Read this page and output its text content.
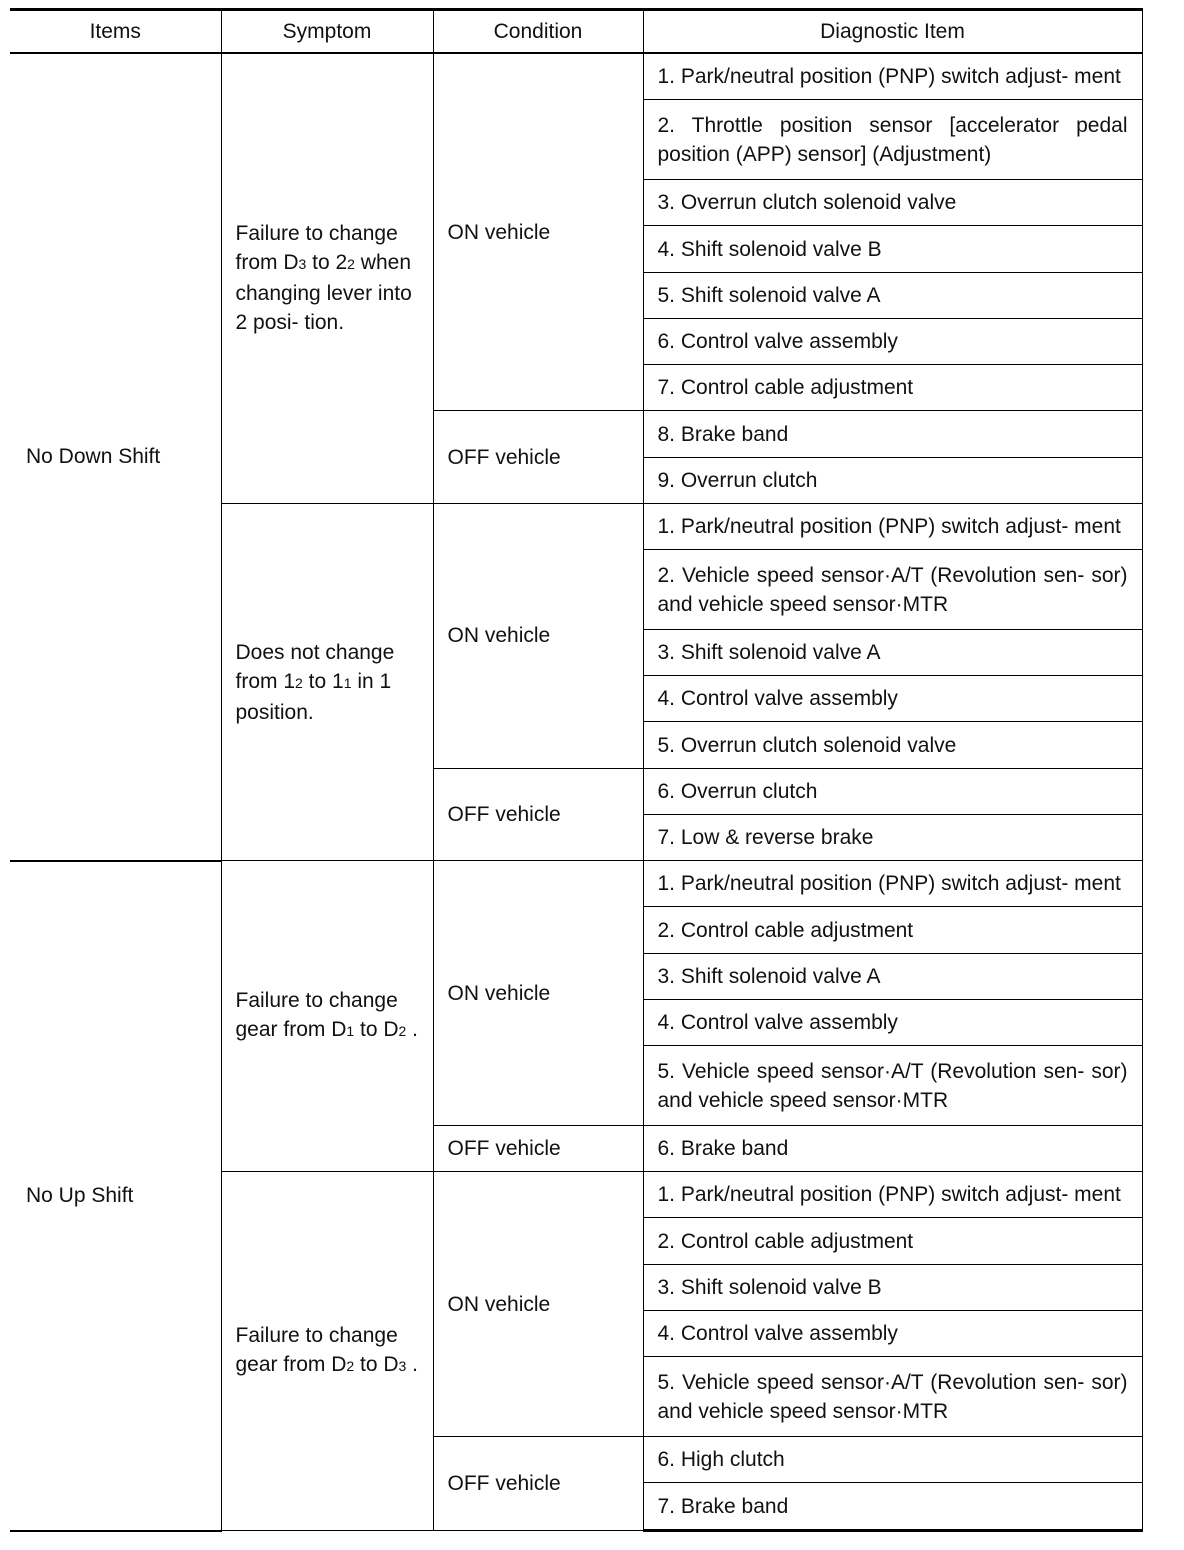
Items	Symptom	Condition	Diagnostic Item
No Down Shift	Failure to change from D3 to 22 when changing lever into 2 posi- tion.	ON vehicle	1. Park/neutral position (PNP) switch adjust- ment
			2. Throttle position sensor [accelerator pedal position (APP) sensor] (Adjustment)
			3. Overrun clutch solenoid valve
			4. Shift solenoid valve B
			5. Shift solenoid valve A
			6. Control valve assembly
			7. Control cable adjustment
		OFF vehicle	8. Brake band
			9. Overrun clutch
	Does not change from 12 to 11 in 1 position.	ON vehicle	1. Park/neutral position (PNP) switch adjust- ment
			2. Vehicle speed sensor·A/T (Revolution sen- sor) and vehicle speed sensor·MTR
			3. Shift solenoid valve A
			4. Control valve assembly
			5. Overrun clutch solenoid valve
		OFF vehicle	6. Overrun clutch
			7. Low & reverse brake
No Up Shift	Failure to change gear from D1 to D2 .	ON vehicle	1. Park/neutral position (PNP) switch adjust- ment
			2. Control cable adjustment
			3. Shift solenoid valve A
			4. Control valve assembly
			5. Vehicle speed sensor·A/T (Revolution sen- sor) and vehicle speed sensor·MTR
		OFF vehicle	6. Brake band
	Failure to change gear from D2 to D3 .	ON vehicle	1. Park/neutral position (PNP) switch adjust- ment
			2. Control cable adjustment
			3. Shift solenoid valve B
			4. Control valve assembly
			5. Vehicle speed sensor·A/T (Revolution sen- sor) and vehicle speed sensor·MTR
		OFF vehicle	6. High clutch
			7. Brake band
